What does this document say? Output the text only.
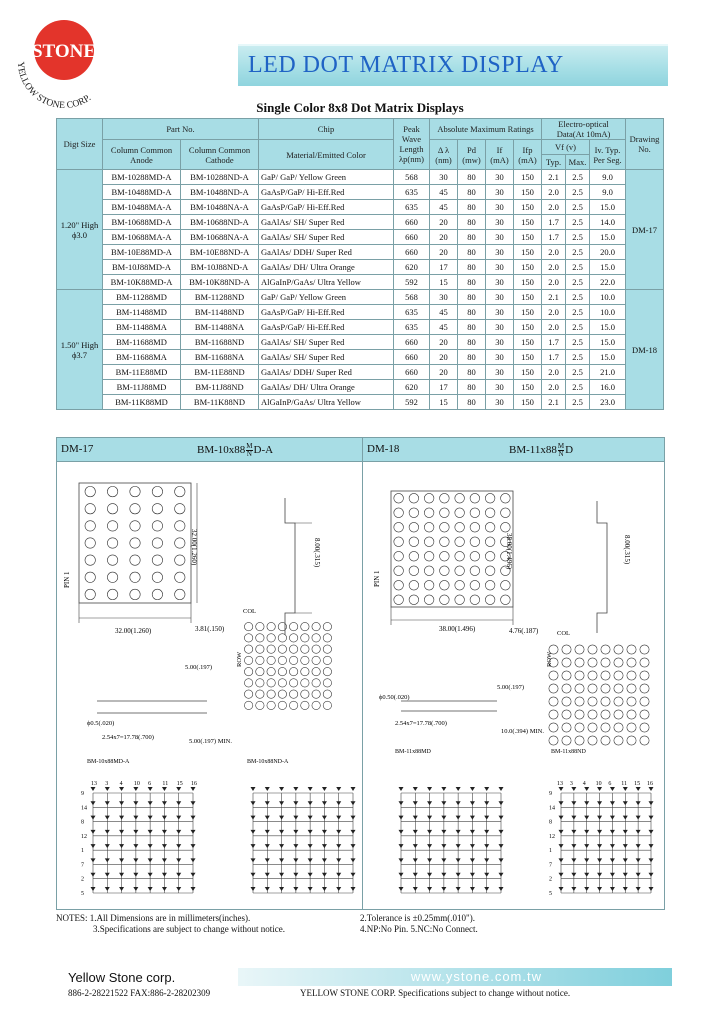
STONE
YELLOW STONE CORP.
LED DOT MATRIX DISPLAY
Single Color 8x8 Dot Matrix Displays
Digt Size	Part No.		Chip	Peak Wave Length λp(nm)	Absolute Maximum Ratings				Electro-optical Data(At 10mA)			Drawing No.
	Column Common Anode	Column Common Cathode	Material/Emitted Color		Δ λ (nm)	Pd (mw)	If (mA)	Ifp (mA)	Vf (v)		Iv. Typ. Per Seg.	
									Typ.	Max.		
1.20" High ϕ3.0	BM-10288MD-A	BM-10288ND-A	GaP/ GaP/ Yellow Green	568	30	80	30	150	2.1	2.5	9.0	DM-17
	BM-10488MD-A	BM-10488ND-A	GaAsP/GaP/ Hi-Eff.Red	635	45	80	30	150	2.0	2.5	9.0	
	BM-10488MA-A	BM-10488NA-A	GaAsP/GaP/ Hi-Eff.Red	635	45	80	30	150	2.0	2.5	15.0	
	BM-10688MD-A	BM-10688ND-A	GaAlAs/ SH/ Super Red	660	20	80	30	150	1.7	2.5	14.0	
	BM-10688MA-A	BM-10688NA-A	GaAlAs/ SH/ Super Red	660	20	80	30	150	1.7	2.5	15.0	
	BM-10E88MD-A	BM-10E88ND-A	GaAlAs/ DDH/ Super Red	660	20	80	30	150	2.0	2.5	20.0	
	BM-10J88MD-A	BM-10J88ND-A	GaAlAs/ DH/ Ultra Orange	620	17	80	30	150	2.0	2.5	15.0	
	BM-10K88MD-A	BM-10K88ND-A	AlGaInP/GaAs/ Ultra Yellow	592	15	80	30	150	2.0	2.5	22.0	
1.50" High ϕ3.7	BM-11288MD	BM-11288ND	GaP/ GaP/ Yellow Green	568	30	80	30	150	2.1	2.5	10.0	DM-18
	BM-11488MD	BM-11488ND	GaAsP/GaP/ Hi-Eff.Red	635	45	80	30	150	2.0	2.5	10.0	
	BM-11488MA	BM-11488NA	GaAsP/GaP/ Hi-Eff.Red	635	45	80	30	150	2.0	2.5	15.0	
	BM-11688MD	BM-11688ND	GaAlAs/ SH/ Super Red	660	20	80	30	150	1.7	2.5	15.0	
	BM-11688MA	BM-11688NA	GaAlAs/ SH/ Super Red	660	20	80	30	150	1.7	2.5	15.0	
	BM-11E88MD	BM-11E88ND	GaAlAs/ DDH/ Super Red	660	20	80	30	150	2.0	2.5	21.0	
	BM-11J88MD	BM-11J88ND	GaAlAs/ DH/ Ultra Orange	620	17	80	30	150	2.0	2.5	16.0	
	BM-11K88MD	BM-11K88ND	AlGaInP/GaAs/ Ultra Yellow	592	15	80	30	150	2.1	2.5	23.0	
DM-17	$BM-10x88 \frac{M}{N} D-A$	DM-18	$BM-11x88 \frac{M}{N}$ D
13 3 4 10 6 11 15 16
9
14
8
12
1
7
2
5
13 3 4 10 6 11 15 16
9
14
8
12
1
7
2
5
32.00(1.260)
32.00(1.260)
PIN 1
3.81(.150)
8.00(.315)
ϕ0.5(.020)
2.54x7=17.78(.700)
5.00(.197)
5.00(.197) MIN.
COL
ROW
BM-10x88MD-A	BM-10x88ND-A
38.00(1.496)
38.00(1.496)
PIN 1
4.76(.187)
8.00(.315)
ϕ0.50(.020)
2.54x7=17.78(.700)
5.00(.197)
10.0(.394) MIN.
COL
ROW
BM-11x88MD	BM-11x88ND
NOTES: 1.All Dimensions are in millimeters(inches).
3.Specifications are subject to change without notice.
2.Tolerance is ±0.25mm(.010").
4.NP:No Pin. 5.NC:No Connect.
Yellow Stone corp.	www.ystone.com.tw
886-2-28221522 FAX:886-2-28202309	YELLOW STONE CORP. Specifications subject to change without notice.
